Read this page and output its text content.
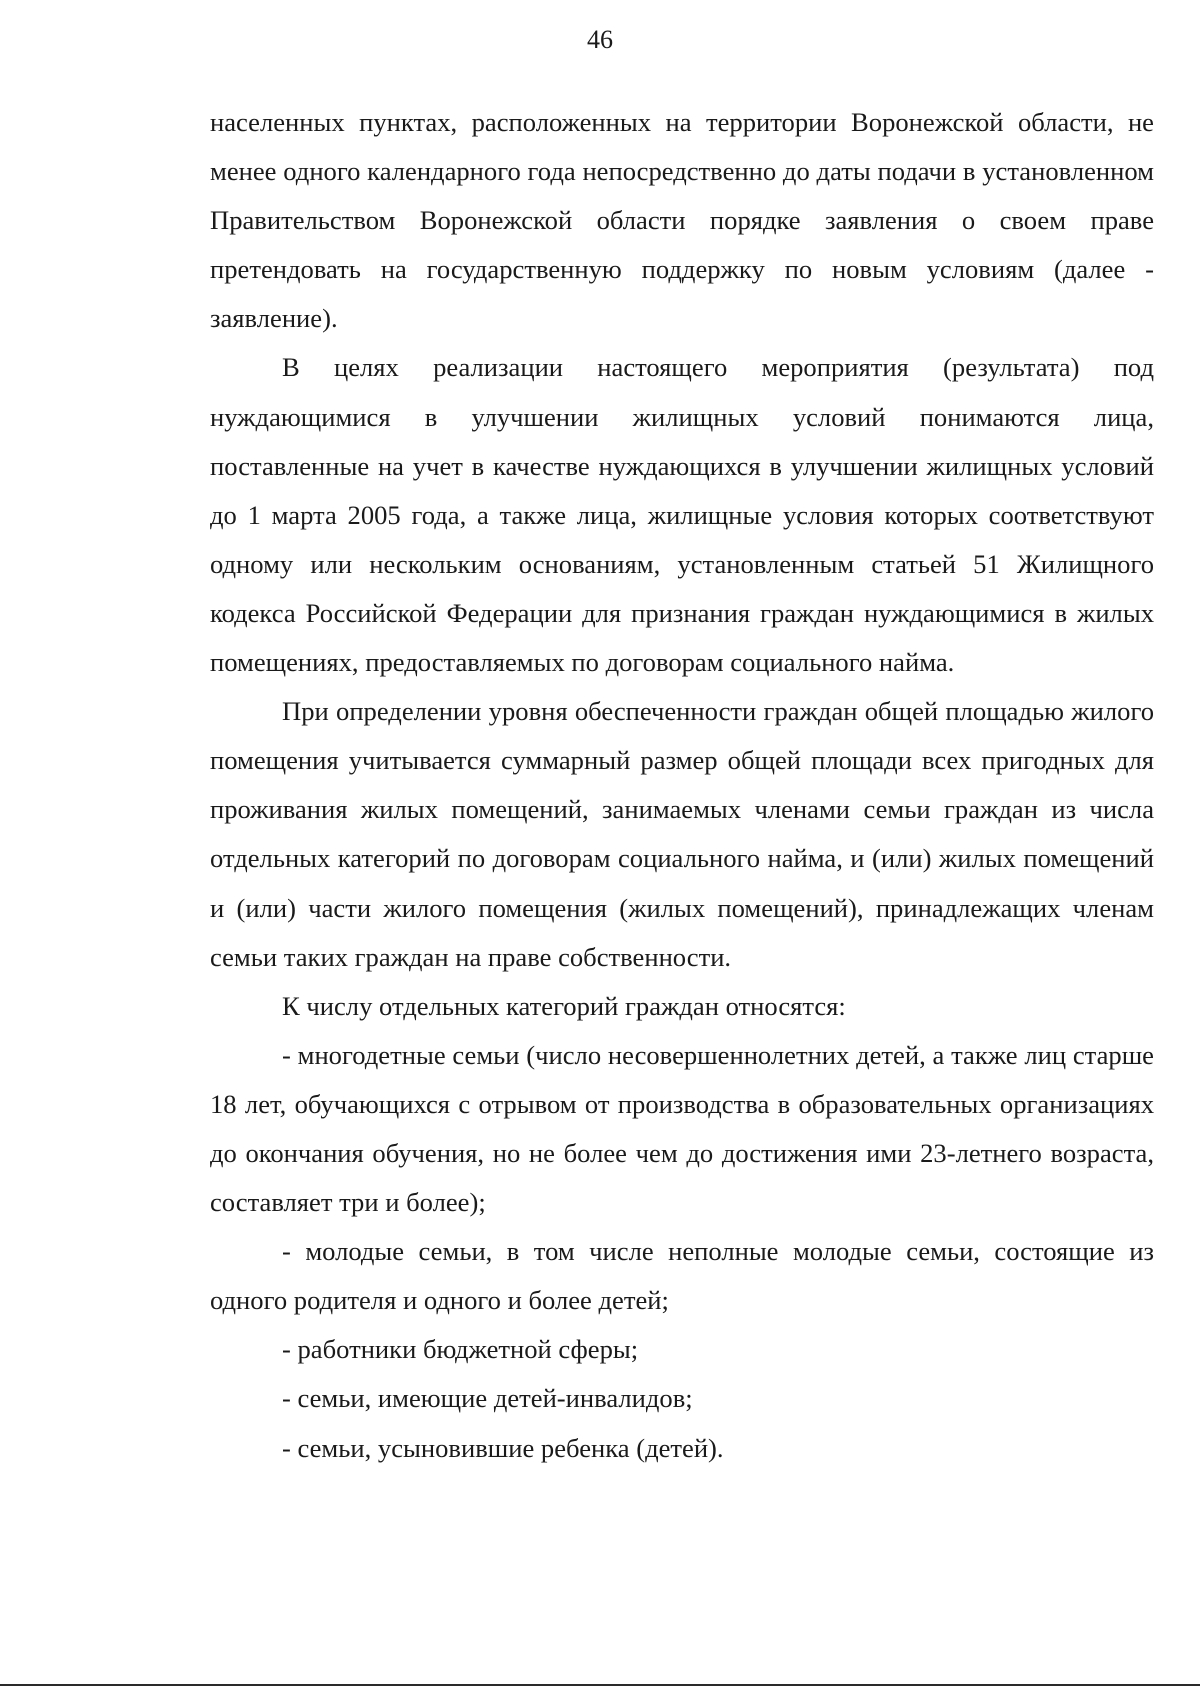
46

населенных пунктах, расположенных на территории Воронежской области, не менее одного календарного года непосредственно до даты подачи в установленном Правительством Воронежской области порядке заявления о своем праве претендовать на государственную поддержку по новым условиям (далее - заявление).

В целях реализации настоящего мероприятия (результата) под нуждающимися в улучшении жилищных условий понимаются лица, поставленные на учет в качестве нуждающихся в улучшении жилищных условий до 1 марта 2005 года, а также лица, жилищные условия которых соответствуют одному или нескольким основаниям, установленным статьей 51 Жилищного кодекса Российской Федерации для признания граждан нуждающимися в жилых помещениях, предоставляемых по договорам социального найма.

При определении уровня обеспеченности граждан общей площадью жилого помещения учитывается суммарный размер общей площади всех пригодных для проживания жилых помещений, занимаемых членами семьи граждан из числа отдельных категорий по договорам социального найма, и (или) жилых помещений и (или) части жилого помещения (жилых помещений), принадлежащих членам семьи таких граждан на праве собственности.

К числу отдельных категорий граждан относятся:

- многодетные семьи (число несовершеннолетних детей, а также лиц старше 18 лет, обучающихся с отрывом от производства в образовательных организациях до окончания обучения, но не более чем до достижения ими 23-летнего возраста, составляет три и более);
- молодые семьи, в том числе неполные молодые семьи, состоящие из одного родителя и одного и более детей;
- работники бюджетной сферы;
- семьи, имеющие детей-инвалидов;
- семьи, усыновившие ребенка (детей).
